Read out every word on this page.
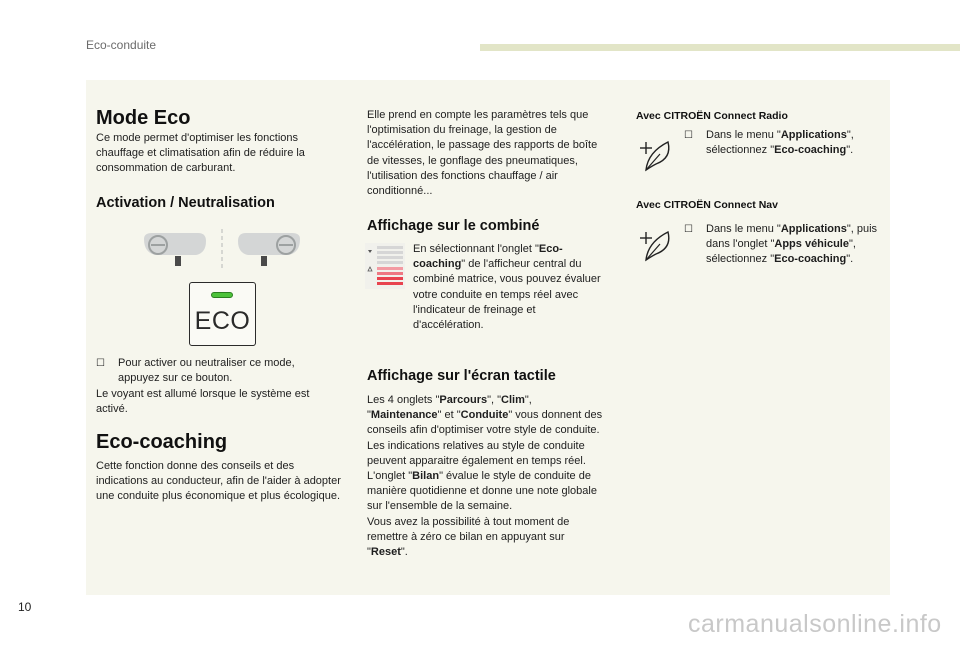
Eco-conduite
Mode Eco
Ce mode permet d'optimiser les fonctions chauffage et climatisation afin de réduire la consommation de carburant.
Activation / Neutralisation
ECO
☐ Pour activer ou neutraliser ce mode, appuyez sur ce bouton.
Le voyant est allumé lorsque le système est activé.
Eco-coaching
Cette fonction donne des conseils et des indications au conducteur, afin de l'aider à adopter une conduite plus économique et plus écologique.
Elle prend en compte les paramètres tels que l'optimisation du freinage, la gestion de l'accélération, le passage des rapports de boîte de vitesses, le gonflage des pneumatiques, l'utilisation des fonctions chauffage / air conditionné...
Affichage sur le combiné
En sélectionnant l'onglet "Eco-coaching" de l'afficheur central du combiné matrice, vous pouvez évaluer votre conduite en temps réel avec l'indicateur de freinage et d'accélération.
Affichage sur l'écran tactile
Les 4 onglets "Parcours", "Clim", "Maintenance" et "Conduite" vous donnent des conseils afin d'optimiser votre style de conduite.
Les indications relatives au style de conduite peuvent apparaitre également en temps réel.
L'onglet "Bilan" évalue le style de conduite de manière quotidienne et donne une note globale sur l'ensemble de la semaine.
Vous avez la possibilité à tout moment de remettre à zéro ce bilan en appuyant sur "Reset".
Avec CITROËN Connect Radio
☐ Dans le menu "Applications", sélectionnez "Eco-coaching".
Avec CITROËN Connect Nav
☐ Dans le menu "Applications", puis dans l'onglet "Apps véhicule", sélectionnez "Eco-coaching".
10
carmanualsonline.info
